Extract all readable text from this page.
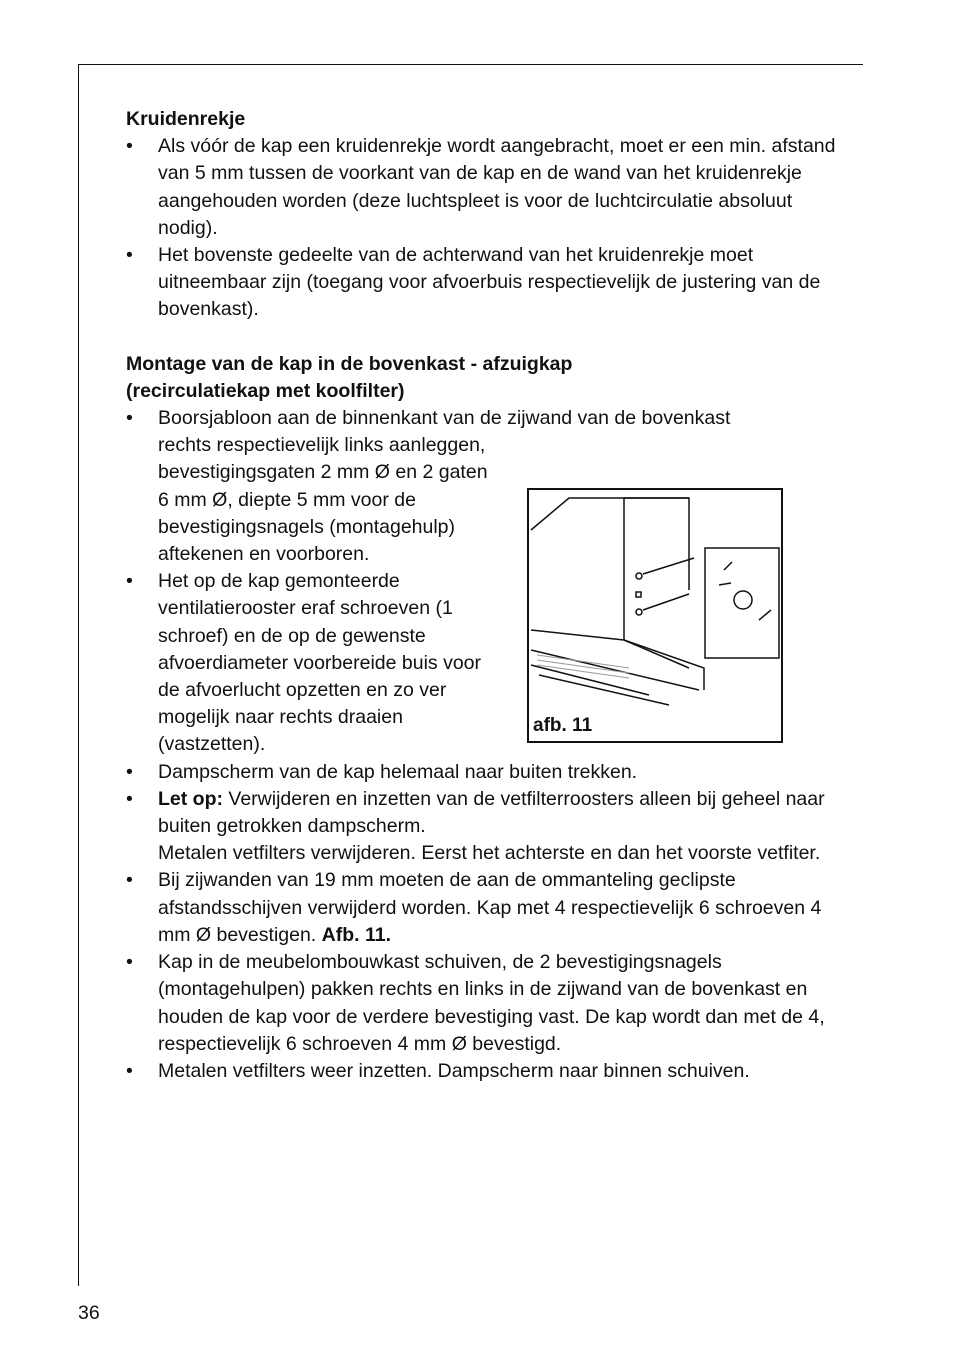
Kruidenrekje
• Als vóór de kap een kruidenrekje wordt aangebracht, moet er een min. afstand van 5 mm tussen de voorkant van de kap en de wand van het kruidenrekje aangehouden worden (deze luchtspleet is voor de luchtcirculatie absoluut nodig).
• Het bovenste gedeelte van de achterwand van het kruidenrekje moet uitneembaar zijn (toegang voor afvoerbuis respectievelijk de justering van de bovenkast).
Montage van de kap in de bovenkast - afzuigkap
(recirculatiekap met koolfilter)
• Boorsjabloon aan de binnenkant van de zijwand van de bovenkast
rechts respectievelijk links aanleggen, bevestigingsgaten 2 mm Ø en 2 gaten 6 mm Ø, diepte 5 mm voor de bevestigingsnagels (montagehulp) aftekenen en voorboren.
• Het op de kap gemonteerde ventilatierooster eraf schroeven (1 schroef) en de op de gewenste afvoerdiameter voorbereide buis voor de afvoerlucht opzetten en zo ver mogelijk naar rechts draaien (vastzetten).
• Dampscherm van de kap helemaal naar buiten trekken.
• Let op: Verwijderen en inzetten van de vetfilterroosters alleen bij geheel naar buiten getrokken dampscherm.
Metalen vetfilters verwijderen. Eerst het achterste en dan het voorste vetfiter.
• Bij zijwanden van 19 mm moeten de aan de ommanteling geclipste afstandsschijven verwijderd worden. Kap met 4 respectievelijk 6 schroeven 4 mm Ø bevestigen. Afb. 11.
• Kap in de meubelombouwkast schuiven, de 2 bevestigingsnagels (montagehulpen) pakken rechts en links in de zijwand van de bovenkast en houden de kap voor de verdere bevestiging vast. De kap wordt dan met de 4, respectievelijk 6 schroeven 4 mm Ø bevestigd.
• Metalen vetfilters weer inzetten. Dampscherm naar binnen schuiven.
afb. 11
36
